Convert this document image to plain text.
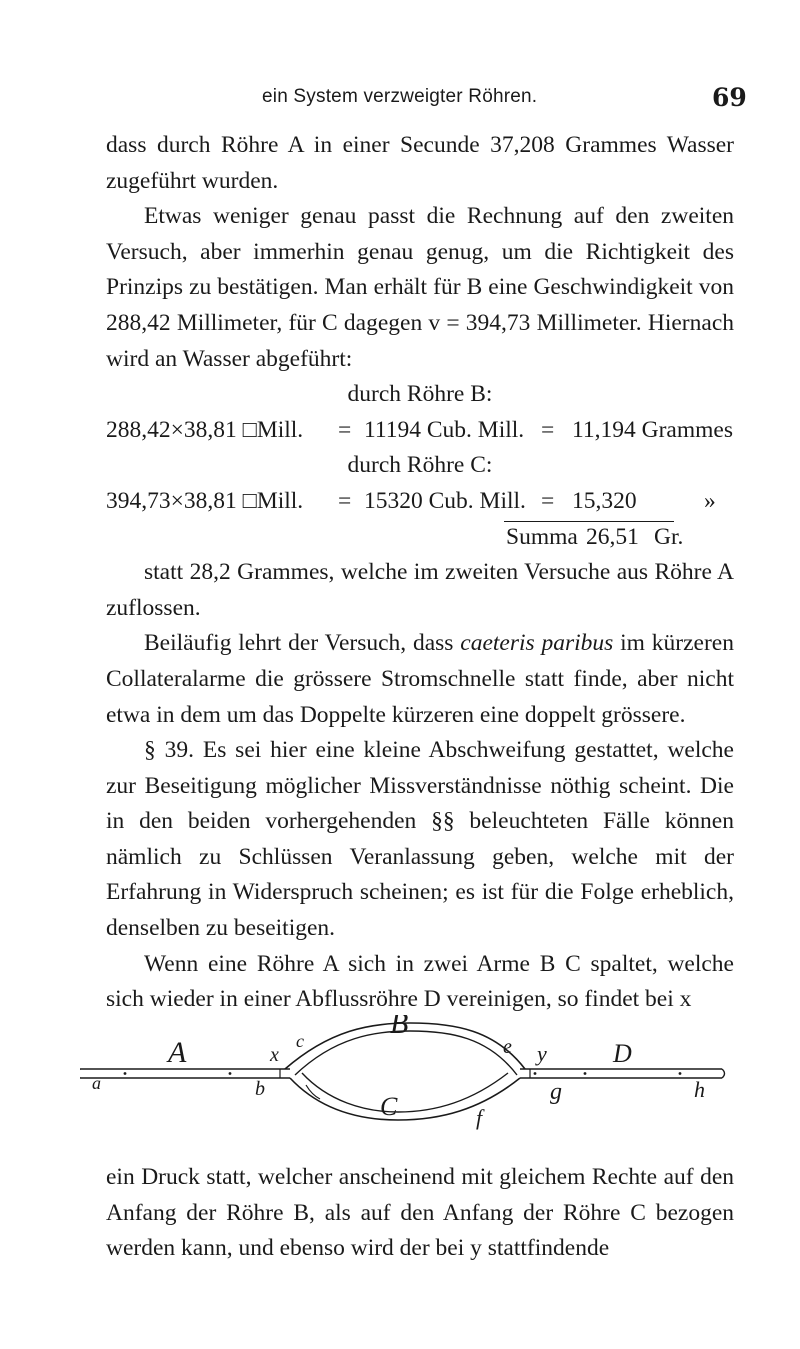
ein System verzweigter Röhren.	69

dass durch Röhre A in einer Secunde 37,208 Grammes Wasser zugeführt wurden.

Etwas weniger genau passt die Rechnung auf den zweiten Versuch, aber immerhin genau genug, um die Richtigkeit des Prinzips zu bestätigen. Man erhält für B eine Geschwindigkeit von 288,42 Millimeter, für C dagegen v = 394,73 Millimeter. Hiernach wird an Wasser abgeführt:

durch Röhre B:

288,42×38,81 □Mill. = 11194 Cub. Mill. = 11,194 Grammes

durch Röhre C:

394,73×38,81 □Mill. = 15320 Cub. Mill. = 15,320	»
Summa 26,51 Gr.

statt 28,2 Grammes, welche im zweiten Versuche aus Röhre A zuflossen.

Beiläufig lehrt der Versuch, dass caeteris paribus im kürzeren Collateralarme die grössere Stromschnelle statt finde, aber nicht etwa in dem um das Doppelte kürzeren eine doppelt grössere.

§ 39. Es sei hier eine kleine Abschweifung gestattet, welche zur Beseitigung möglicher Missverständnisse nöthig scheint. Die in den beiden vorhergehenden §§ beleuchteten Fälle können nämlich zu Schlüssen Veranlassung geben, welche mit der Erfahrung in Widerspruch scheinen; es ist für die Folge erheblich, denselben zu beseitigen.

Wenn eine Röhre A sich in zwei Arme B C spaltet, welche sich wieder in einer Abflussröhre D vereinigen, so findet bei x

B
A	D
C
e
x	y
a	b
c
f
g	h

ein Druck statt, welcher anscheinend mit gleichem Rechte auf den Anfang der Röhre B, als auf den Anfang der Röhre C bezogen werden kann, und ebenso wird der bei y stattfindende
